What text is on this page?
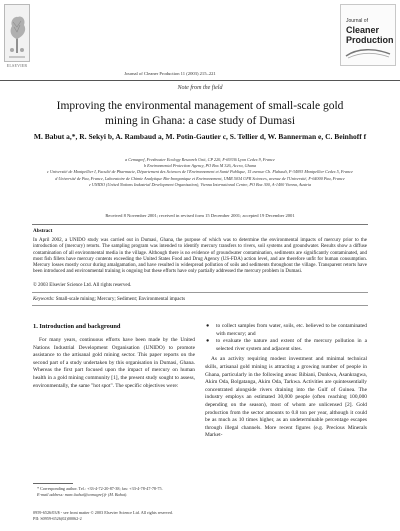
ELSEVIER
Journal of Cleaner Production 11 (2003) 215–221
Journal of
Cleaner
Production
Note from the field
Improving the environmental management of small-scale gold mining in Ghana: a case study of Dumasi
M. Babut a,*, R. Sekyi b, A. Rambaud a, M. Potin-Gautier c, S. Tellier d, W. Bannerman e, C. Beinhoff f
a Cemagref, Freshwater Ecology Research Unit, CP 220, F-69336 Lyon Cedex 9, France
b Environmental Protection Agency, PO Box M 326, Accra, Ghana
c Université de Montpellier I, Faculté de Pharmacie, Département des Sciences de l'Environnement et Santé Publique, 15 avenue Ch. Flahault, F-34093 Montpellier Cedex 5, France
d Université de Pau, France, Laboratoire de Chimie Analytique Bio-Inorganique et Environnement, UMR 5034 UFR Sciences, avenue de l'Université, F-64000 Pau, France
e UNIDO (United Nations Industrial Development Organisation), Vienna International Centre, PO Box 300, A-1400 Vienna, Austria
Received 8 November 2001; received in revised form 15 December 2001; accepted 19 December 2001
Abstract

In April 2002, a UNIDO study was carried out in Dumasi, Ghana, the purpose of which was to determine the environmental impacts of mercury prior to the introduction of (mercury) retorts. The sampling program was intended to identify mercury transfers to rivers, soil systems and groundwater. Results show a diffuse contamination of all environmental media in the village. Although there is no evidence of groundwater contamination, sediments are significantly contaminated, and most fish fillets have mercury contents exceeding the United States Food and Drug Agency (US-FDA) action level, and are therefore unfit for human consumption. Mercury losses mostly occur during amalgamation, and have resulted in widespread pollution of soils and sediments throughout the village. Transparent retorts have been introduced and environmental training is ongoing but these efforts have only partially addressed the mercury problem in Dumasi.

© 2003 Elsevier Science Ltd. All rights reserved.
Keywords: Small-scale mining; Mercury; Sediment; Environmental impacts
1. Introduction and background

For many years, continuous efforts have been made by the United Nations Industrial Development Organisation (UNIDO) to promote assistance to the artisanal gold mining sector. This paper reports on the second part of a study undertaken by this organisation in Dumasi, Ghana. Whereas the first part focused upon the impact of mercury on human health in a gold mining community [1], the present study sought to assess, environmentally, the same "hot spot". The specific objectives were:

● to collect samples from water, soils, etc. believed to be contaminated with mercury; and
● to evaluate the nature and extent of the mercury pollution in a selected river system and adjacent sites.

As an activity requiring modest investment and minimal technical skills, artisanal gold mining is attracting a growing number of people in Ghana, particularly in the following areas: Bibiani, Dunkwa, Asankragwa, Akim Oda, Bolgatanga, Akim Oda, Tarkwa. Activities are quintessentially concentrated alongside rivers draining into the Gulf of Guinea. The industry employs an estimated 30,000 people (often reaching 100,000 depending on the season), most of whom are unlicensed [2]. Gold production from the sector amounts to 0.8 ton per year, although it could be as much as 10 times higher, as an undeterminable percentage escapes through illegal channels. More recent figures (e.g. Precious Minerals Market-

* Corresponding author. Tel.: +33-4-72-20-87-38; fax: +33-4-78-47-78-75.
E-mail address: marc.babut@cemagref.fr (M. Babut).
0959-6526/03/$ - see front matter © 2003 Elsevier Science Ltd. All rights reserved.
PII: S0959-6526(02)00062-2
